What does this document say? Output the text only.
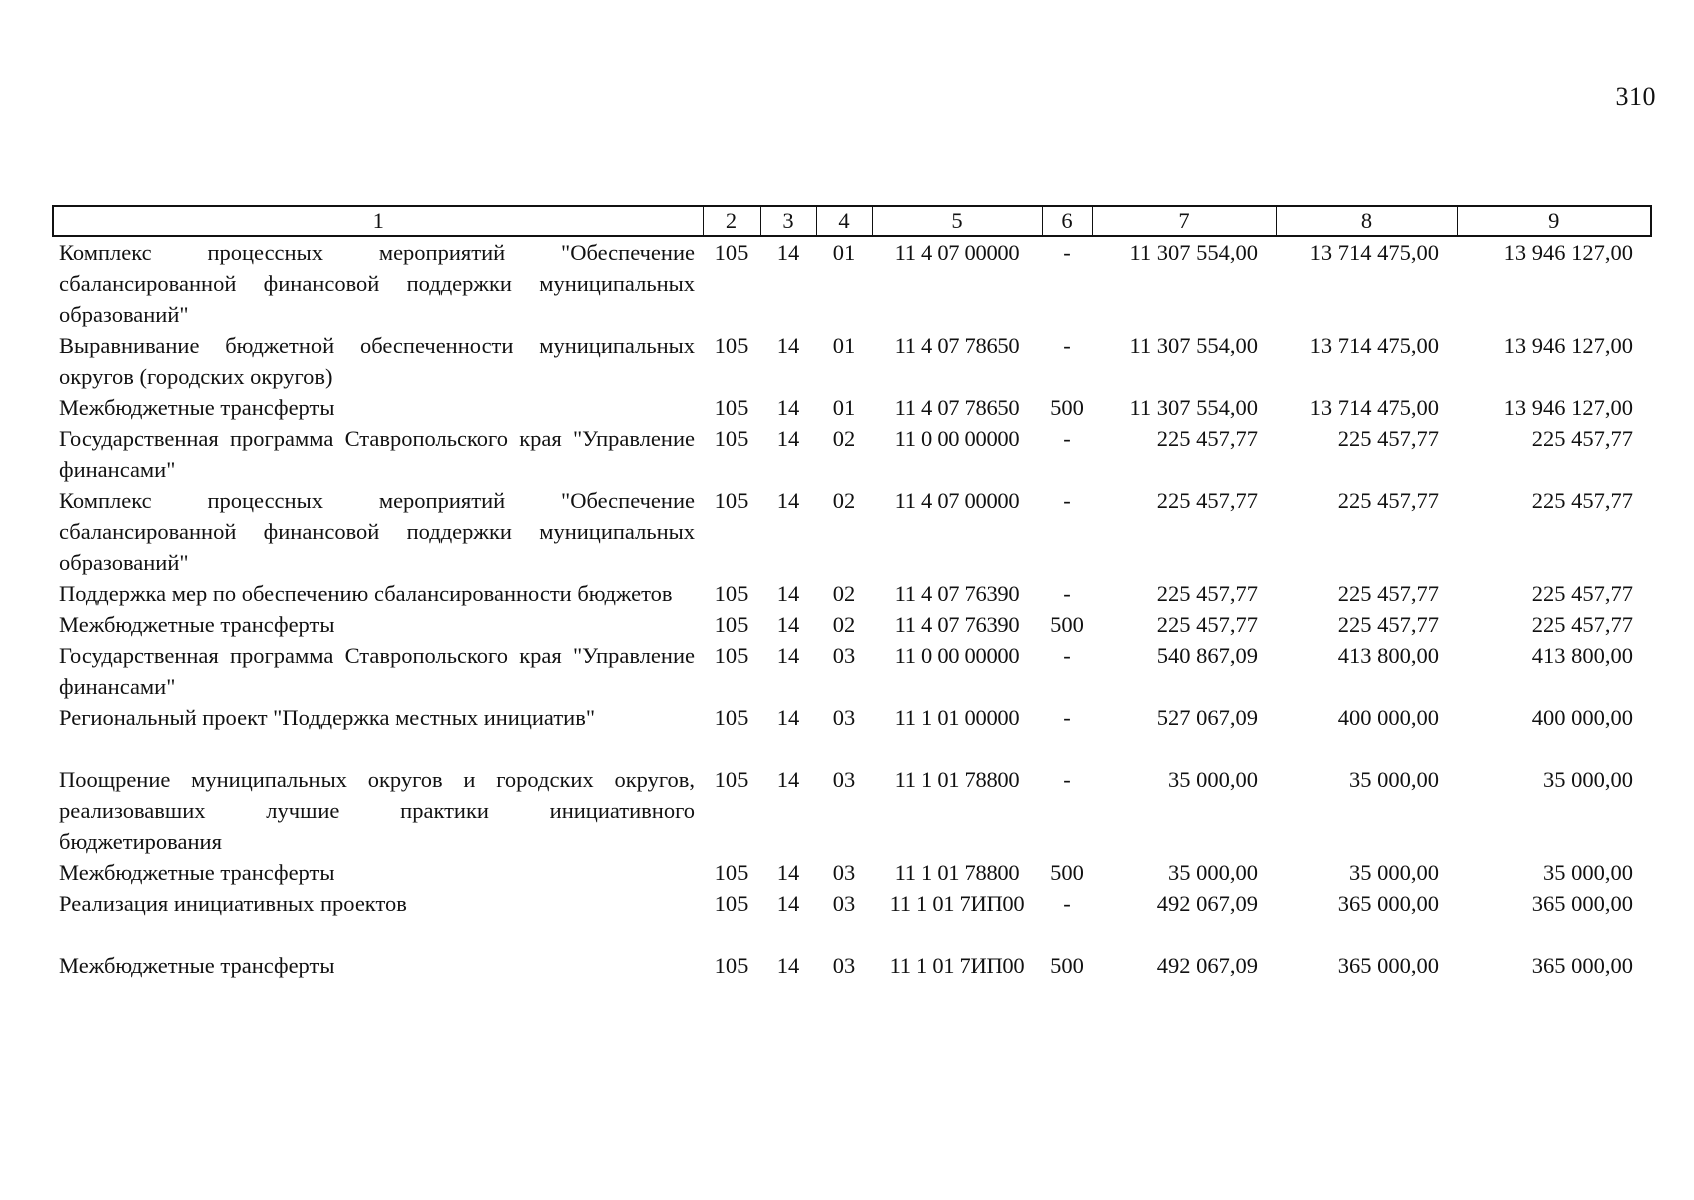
310
1	2	3	4	5	6	7	8	9
Комплекс процессных мероприятий "Обеспечение сбалансированной финансовой поддержки муниципальных образований"	105	14	01	11 4 07 00000	-	11 307 554,00	13 714 475,00	13 946 127,00
Выравнивание бюджетной обеспеченности муниципальных округов (городских округов)	105	14	01	11 4 07 78650	-	11 307 554,00	13 714 475,00	13 946 127,00
Межбюджетные трансферты	105	14	01	11 4 07 78650	500	11 307 554,00	13 714 475,00	13 946 127,00
Государственная программа Ставропольского края "Управление финансами"	105	14	02	11 0 00 00000	-	225 457,77	225 457,77	225 457,77
Комплекс процессных мероприятий "Обеспечение сбалансированной финансовой поддержки муниципальных образований"	105	14	02	11 4 07 00000	-	225 457,77	225 457,77	225 457,77
Поддержка мер по обеспечению сбалансированности бюджетов	105	14	02	11 4 07 76390	-	225 457,77	225 457,77	225 457,77
Межбюджетные трансферты	105	14	02	11 4 07 76390	500	225 457,77	225 457,77	225 457,77
Государственная программа Ставропольского края "Управление финансами"	105	14	03	11 0 00 00000	-	540 867,09	413 800,00	413 800,00
Региональный проект "Поддержка местных инициатив"	105	14	03	11 1 01 00000	-	527 067,09	400 000,00	400 000,00
Поощрение муниципальных округов и городских округов, реализовавших лучшие практики инициативного бюджетирования	105	14	03	11 1 01 78800	-	35 000,00	35 000,00	35 000,00
Межбюджетные трансферты	105	14	03	11 1 01 78800	500	35 000,00	35 000,00	35 000,00
Реализация инициативных проектов	105	14	03	11 1 01 7ИП00	-	492 067,09	365 000,00	365 000,00
Межбюджетные трансферты	105	14	03	11 1 01 7ИП00	500	492 067,09	365 000,00	365 000,00
